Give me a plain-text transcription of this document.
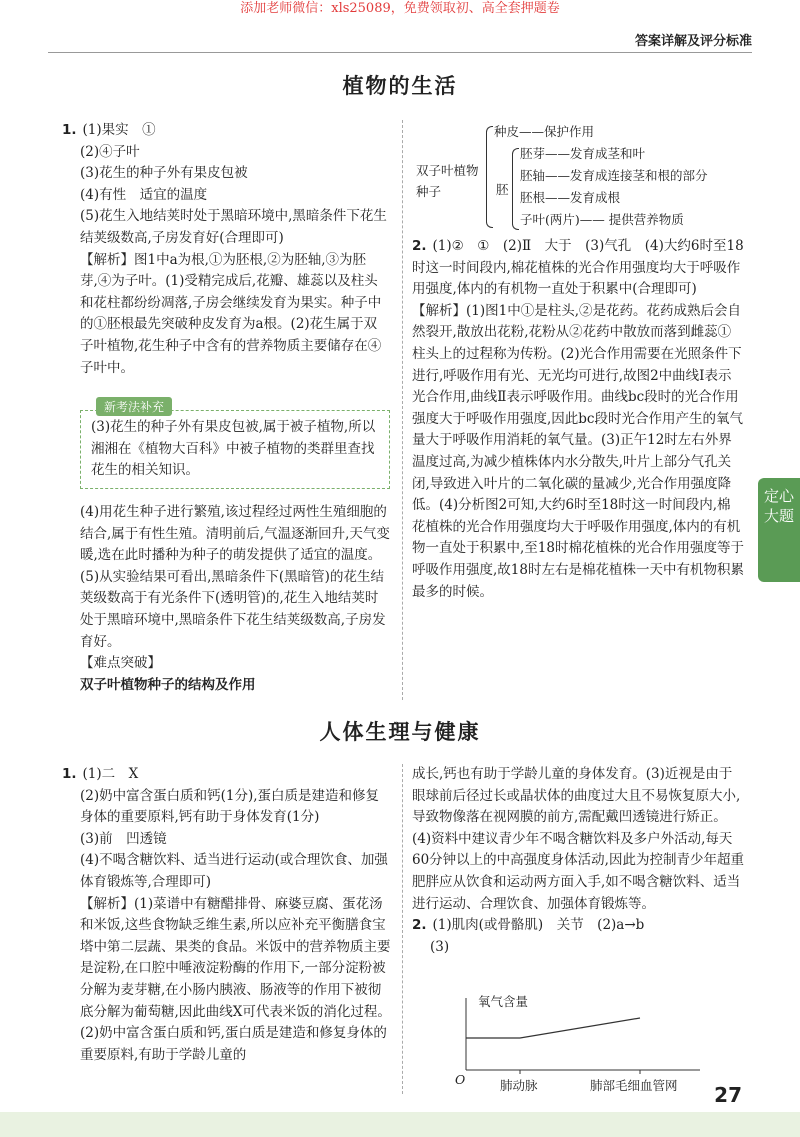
添加老师微信：xls25089，免费领取初、高全套押题卷
答案详解及评分标准
植物的生活

1. (1)果实　①

(2)④子叶

(3)花生的种子外有果皮包被

(4)有性　适宜的温度

(5)花生入地结荚时处于黑暗环境中,黑暗条件下花生结荚级数高,子房发育好(合理即可)

【解析】图1中a为根,①为胚根,②为胚轴,③为胚芽,④为子叶。(1)受精完成后,花瓣、雄蕊以及柱头和花柱都纷纷凋落,子房会继续发育为果实。种子中的①胚根最先突破种皮发育为a根。(2)花生属于双子叶植物,花生种子中含有的营养物质主要储存在④子叶中。

新考法补充
(3)花生的种子外有果皮包被,属于被子植物,所以湘湘在《植物大百科》中被子植物的类群里查找花生的相关知识。

(4)用花生种子进行繁殖,该过程经过两性生殖细胞的结合,属于有性生殖。清明前后,气温逐渐回升,天气变暖,选在此时播种为种子的萌发提供了适宜的温度。(5)从实验结果可看出,黑暗条件下(黑暗管)的花生结荚级数高于有光条件下(透明管)的,花生入地结荚时处于黑暗环境中,黑暗条件下花生结荚级数高,子房发育好。

【难点突破】

双子叶植物种子的结构及作用

双子叶植物种子
种皮——保护作用
胚
胚芽——发育成茎和叶
胚轴——发育成连接茎和根的部分
胚根——发育成根
子叶(两片)—— 提供营养物质

2. (1)②　①　(2)Ⅱ　大于　(3)气孔　(4)大约6时至18时这一时间段内,棉花植株的光合作用强度均大于呼吸作用强度,体内的有机物一直处于积累中(合理即可)

【解析】(1)图1中①是柱头,②是花药。花药成熟后会自然裂开,散放出花粉,花粉从②花药中散放而落到雌蕊①柱头上的过程称为传粉。(2)光合作用需要在光照条件下进行,呼吸作用有光、无光均可进行,故图2中曲线Ⅰ表示光合作用,曲线Ⅱ表示呼吸作用。曲线bc段时的光合作用强度大于呼吸作用强度,因此bc段时光合作用产生的氧气量大于呼吸作用消耗的氧气量。(3)正午12时左右外界温度过高,为减少植株体内水分散失,叶片上部分气孔关闭,导致进入叶片的二氧化碳的量减少,光合作用强度降低。(4)分析图2可知,大约6时至18时这一时间段内,棉花植株的光合作用强度均大于呼吸作用强度,体内的有机物一直处于积累中,至18时棉花植株的光合作用强度等于呼吸作用强度,故18时左右是棉花植株一天中有机物积累最多的时候。

定心大题
人体生理与健康

1. (1)二　X

(2)奶中富含蛋白质和钙(1分),蛋白质是建造和修复身体的重要原料,钙有助于身体发育(1分)

(3)前　凹透镜

(4)不喝含糖饮料、适当进行运动(或合理饮食、加强体育锻炼等,合理即可)

【解析】(1)菜谱中有糖醋排骨、麻婆豆腐、蛋花汤和米饭,这些食物缺乏维生素,所以应补充平衡膳食宝塔中第二层蔬、果类的食品。米饭中的营养物质主要是淀粉,在口腔中唾液淀粉酶的作用下,一部分淀粉被分解为麦芽糖,在小肠内胰液、肠液等的作用下被彻底分解为葡萄糖,因此曲线X可代表米饭的消化过程。(2)奶中富含蛋白质和钙,蛋白质是建造和修复身体的重要原料,有助于学龄儿童的

成长,钙也有助于学龄儿童的身体发育。(3)近视是由于眼球前后径过长或晶状体的曲度过大且不易恢复原大小,导致物像落在视网膜的前方,需配戴凹透镜进行矫正。(4)资料中建议青少年不喝含糖饮料及多户外活动,每天60分钟以上的中高强度身体活动,因此为控制青少年超重肥胖应从饮食和运动两方面入手,如不喝含糖饮料、适当进行运动、合理饮食、加强体育锻炼等。

2. (1)肌肉(或骨骼肌)　关节　(2)a→b

(3)

氧气含量
O	肺动脉	肺部毛细血管网 27
